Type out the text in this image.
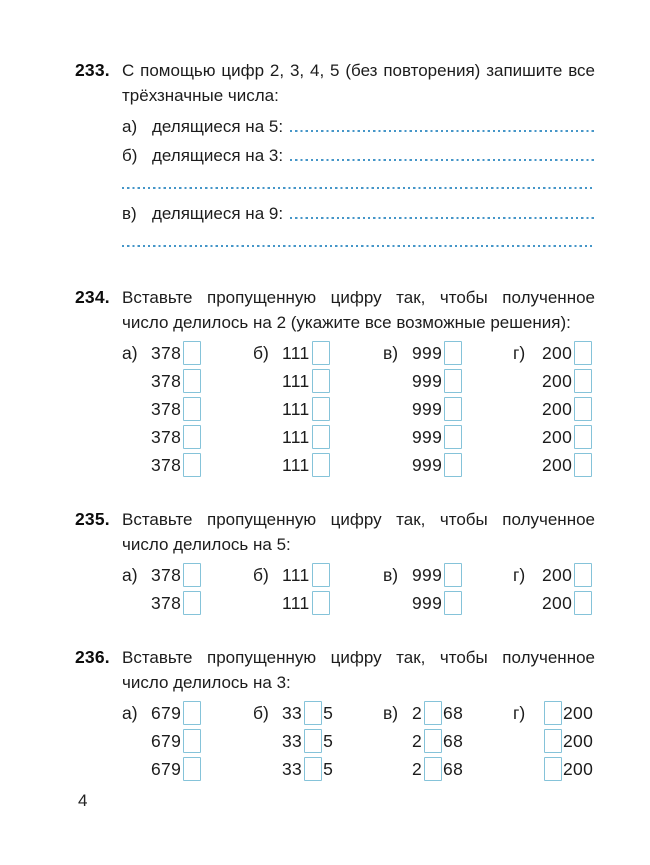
233. С помощью цифр 2, 3, 4, 5 (без повторения) запишите все трёхзначные числа:

а) делящиеся на 5:
б) делящиеся на 3:
в) делящиеся на 9:
234. Вставьте пропущенную цифру так, чтобы полученное число делилось на 2 (укажите все возможные решения):

а) 378	б) 111	в) 999	г) 200
378	111	999	200
378	111	999	200
378	111	999	200
378	111	999	200
235. Вставьте пропущенную цифру так, чтобы полученное число делилось на 5:

а) 378	б) 111	в) 999	г) 200
378	111	999	200
236. Вставьте пропущенную цифру так, чтобы полученное число делилось на 3:

а) 679	б) 33 5	в) 2 68	г)	200
679	33 5	2 68	200
679	33 5	2 68	200
4
